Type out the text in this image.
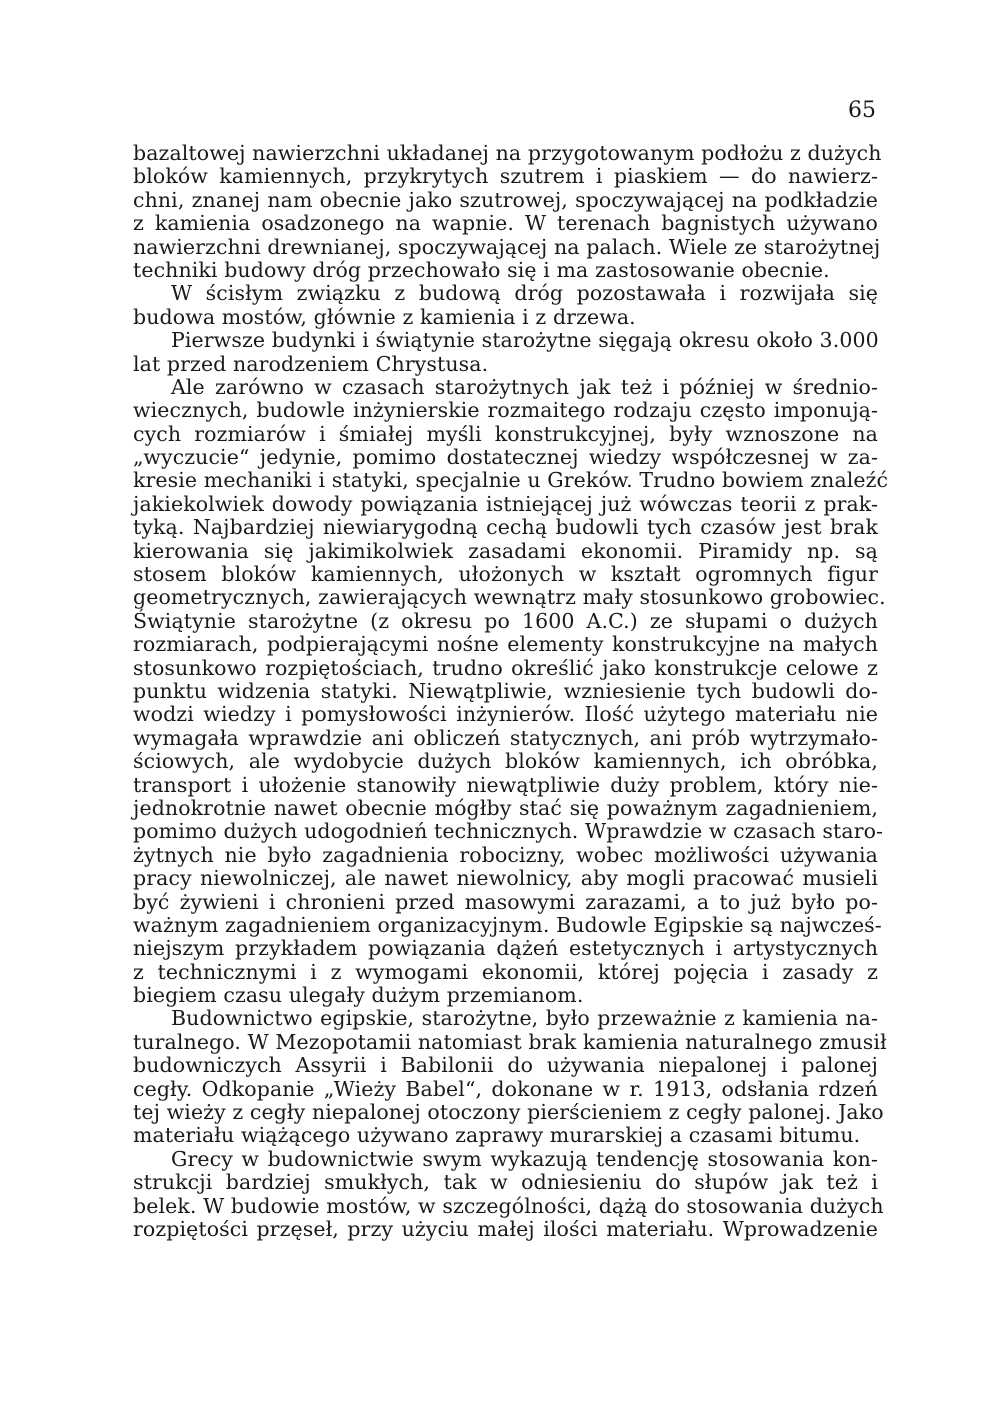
65
bazaltowej nawierzchni układanej na przygotowanym podłożu z dużych
bloków kamiennych, przykrytych szutrem i piaskiem — do nawierz-
chni, znanej nam obecnie jako szutrowej, spoczywającej na podkładzie
z kamienia osadzonego na wapnie. W terenach bagnistych używano
nawierzchni drewnianej, spoczywającej na palach. Wiele ze starożytnej
techniki budowy dróg przechowało się i ma zastosowanie obecnie.
W ścisłym związku z budową dróg pozostawała i rozwijała się
budowa mostów, głównie z kamienia i z drzewa.
Pierwsze budynki i świątynie starożytne sięgają okresu około 3.000
lat przed narodzeniem Chrystusa.
Ale zarówno w czasach starożytnych jak też i później w średnio-
wiecznych, budowle inżynierskie rozmaitego rodzaju często imponują-
cych rozmiarów i śmiałej myśli konstrukcyjnej, były wznoszone na
„wyczucie“ jedynie, pomimo dostatecznej wiedzy współczesnej w za-
kresie mechaniki i statyki, specjalnie u Greków. Trudno bowiem znaleźć
jakiekolwiek dowody powiązania istniejącej już wówczas teorii z prak-
tyką. Najbardziej niewiarygodną cechą budowli tych czasów jest brak
kierowania się jakimikolwiek zasadami ekonomii. Piramidy np. są
stosem bloków kamiennych, ułożonych w kształt ogromnych figur
geometrycznych, zawierających wewnątrz mały stosunkowo grobowiec.
Świątynie starożytne (z okresu po 1600 A.C.) ze słupami o dużych
rozmiarach, podpierającymi nośne elementy konstrukcyjne na małych
stosunkowo rozpiętościach, trudno określić jako konstrukcje celowe z
punktu widzenia statyki. Niewątpliwie, wzniesienie tych budowli do-
wodzi wiedzy i pomysłowości inżynierów. Ilość użytego materiału nie
wymagała wprawdzie ani obliczeń statycznych, ani prób wytrzymało-
ściowych, ale wydobycie dużych bloków kamiennych, ich obróbka,
transport i ułożenie stanowiły niewątpliwie duży problem, który nie-
jednokrotnie nawet obecnie mógłby stać się poważnym zagadnieniem,
pomimo dużych udogodnień technicznych. Wprawdzie w czasach staro-
żytnych nie było zagadnienia robocizny, wobec możliwości używania
pracy niewolniczej, ale nawet niewolnicy, aby mogli pracować musieli
być żywieni i chronieni przed masowymi zarazami, a to już było po-
ważnym zagadnieniem organizacyjnym. Budowle Egipskie są najwcześ-
niejszym przykładem powiązania dążeń estetycznych i artystycznych
z technicznymi i z wymogami ekonomii, której pojęcia i zasady z
biegiem czasu ulegały dużym przemianom.
Budownictwo egipskie, starożytne, było przeważnie z kamienia na-
turalnego. W Mezopotamii natomiast brak kamienia naturalnego zmusił
budowniczych Assyrii i Babilonii do używania niepalonej i palonej
cegły. Odkopanie „Wieży Babel“, dokonane w r. 1913, odsłania rdzeń
tej wieży z cegły niepalonej otoczony pierścieniem z cegły palonej. Jako
materiału wiążącego używano zaprawy murarskiej a czasami bitumu.
Grecy w budownictwie swym wykazują tendencję stosowania kon-
strukcji bardziej smukłych, tak w odniesieniu do słupów jak też i
belek. W budowie mostów, w szczególności, dążą do stosowania dużych
rozpiętości przęseł, przy użyciu małej ilości materiału. Wprowadzenie
